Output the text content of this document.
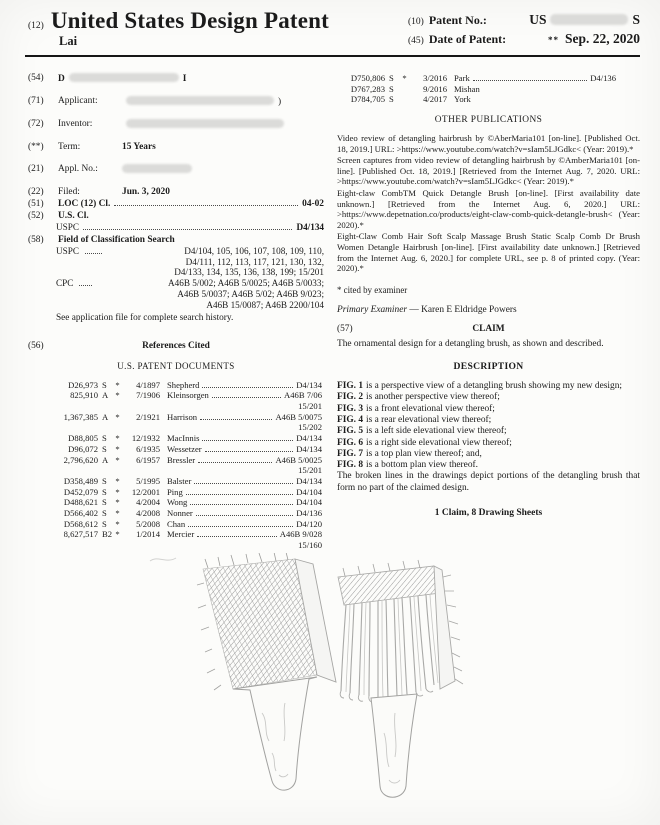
(12) United States Design Patent
Lai
(10) Patent No.:	US	S
(45) Date of Patent:	** Sep. 22, 2020
(54)	D	I
(71)	Applicant:	)
(72)	Inventor:
(**)	Term:	15 Years
(21)	Appl. No.:
(22)	Filed:	Jun. 3, 2020
(51)	LOC (12) Cl.	04-02
(52)	U.S. Cl.
USPC	D4/134
(58)	Field of Classification Search
USPC	D4/104, 105, 106, 107, 108, 109, 110,
D4/111, 112, 113, 117, 121, 130, 132,
D4/133, 134, 135, 136, 138, 199; 15/201
CPC	A46B 5/002; A46B 5/0025; A46B 5/0033;
A46B 5/0037; A46B 5/02; A46B 9/023;
A46B 15/0087; A46B 2200/104
See application file for complete search history.
(56)	References Cited
U.S. PATENT DOCUMENTS
D26,973 S *	4/1897 Shepherd	D4/134
825,910 A *	7/1906 Kleinsorgen	A46B 7/06
15/201
1,367,385 A *	2/1921 Harrison	A46B 5/0075
15/202
D88,805 S *	12/1932 MacInnis	D4/134
D96,072 S *	6/1935 Wessetzer	D4/134
2,796,620 A *	6/1957 Bressler	A46B 5/0025
15/201
D358,489 S *	5/1995 Balster	D4/134
D452,079 S *	12/2001 Ping	D4/104
D488,621 S *	4/2004 Wong	D4/104
D566,402 S *	4/2008 Nonner	D4/136
D568,612 S *	5/2008 Chan	D4/120
8,627,517 B2 *	1/2014 Mercier	A46B 9/028
15/160
D750,806 S *	3/2016 Park	D4/136
D767,283 S	9/2016 Mishan
D784,705 S	4/2017 York
OTHER PUBLICATIONS

Video review of detangling hairbrush by ©AberMaria101 [on-line]. [Published Oct. 18, 2019.] URL: >https://www.youtube.com/watch?v=sIam5LJGdkc< (Year: 2019).*

Screen captures from video review of detangling hairbrush by ©AmberMaria101 [on-line]. [Published Oct. 18, 2019.] [Retrieved from the Internet Aug. 7, 2020. URL: >https://www.youtube.com/watch?v=sIam5LJGdkc< (Year: 2019).*

Eight-claw CombTM Quick Detangle Brush [on-line]. [First availability date unknown.] [Retrieved from the Internet Aug. 6, 2020.] URL: >https://www.depetnation.co/products/eight-claw-comb-quick-detangle-brush< (Year: 2020).*

Eight-Claw Comb Hair Soft Scalp Massage Brush Static Scalp Comb Dr Brush Women Detangle Hairbrush [on-line]. [First availability date unknown.] [Retrieved from the Internet Aug. 6, 2020.] for complete URL, see p. 8 of printed copy. (Year: 2020).*

* cited by examiner
Primary Examiner — Karen E Eldridge Powers
(57)	CLAIM
The ornamental design for a detangling brush, as shown and described.
DESCRIPTION
FIG. 1 is a perspective view of a detangling brush showing my new design;
FIG. 2 is another perspective view thereof;
FIG. 3 is a front elevational view thereof;
FIG. 4 is a rear elevational view thereof;
FIG. 5 is a left side elevational view thereof;
FIG. 6 is a right side elevational view thereof;
FIG. 7 is a top plan view thereof; and,
FIG. 8 is a bottom plan view thereof.
The broken lines in the drawings depict portions of the detangling brush that form no part of the claimed design.
1 Claim, 8 Drawing Sheets
